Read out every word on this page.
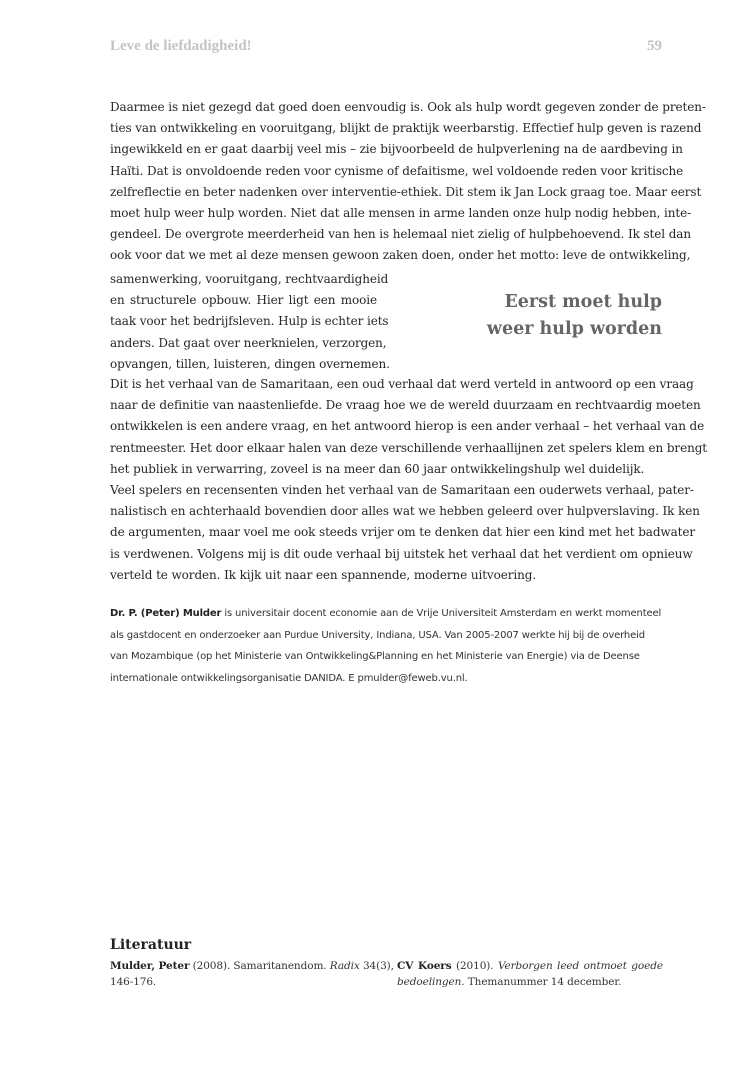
Leve de liefdadigheid!	59
Daarmee is niet gezegd dat goed doen eenvoudig is. Ook als hulp wordt gegeven zonder de preten-
ties van ontwikkeling en vooruitgang, blijkt de praktijk weerbarstig. Effectief hulp geven is razend
ingewikkeld en er gaat daarbij veel mis – zie bijvoorbeeld de hulpverlening na de aardbeving in
Haïti. Dat is onvoldoende reden voor cynisme of defaitisme, wel voldoende reden voor kritische
zelfreflectie en beter nadenken over interventie-ethiek. Dit stem ik Jan Lock graag toe. Maar eerst
moet hulp weer hulp worden. Niet dat alle mensen in arme landen onze hulp nodig hebben, inte-
gendeel. De overgrote meerderheid van hen is helemaal niet zielig of hulpbehoevend. Ik stel dan
ook voor dat we met al deze mensen gewoon zaken doen, onder het motto: leve de ontwikkeling,
samenwerking, vooruitgang, rechtvaardigheid
en structurele opbouw. Hier ligt een mooie
taak voor het bedrijfsleven. Hulp is echter iets
anders. Dat gaat over neerknielen, verzorgen,
opvangen, tillen, luisteren, dingen overnemen.
Eerst moet hulp
weer hulp worden
Dit is het verhaal van de Samaritaan, een oud verhaal dat werd verteld in antwoord op een vraag
naar de definitie van naastenliefde. De vraag hoe we de wereld duurzaam en rechtvaardig moeten
ontwikkelen is een andere vraag, en het antwoord hierop is een ander verhaal – het verhaal van de
rentmeester. Het door elkaar halen van deze verschillende verhaallijnen zet spelers klem en brengt
het publiek in verwarring, zoveel is na meer dan 60 jaar ontwikkelingshulp wel duidelijk.
Veel spelers en recensenten vinden het verhaal van de Samaritaan een ouderwets verhaal, pater-
nalistisch en achterhaald bovendien door alles wat we hebben geleerd over hulpverslaving. Ik ken
de argumenten, maar voel me ook steeds vrijer om te denken dat hier een kind met het badwater
is verdwenen. Volgens mij is dit oude verhaal bij uitstek het verhaal dat het verdient om opnieuw
verteld te worden. Ik kijk uit naar een spannende, moderne uitvoering.
Dr. P. (Peter) Mulder is universitair docent economie aan de Vrije Universiteit Amsterdam en werkt momenteel
als gastdocent en onderzoeker aan Purdue University, Indiana, USA. Van 2005-2007 werkte hij bij de overheid
van Mozambique (op het Ministerie van Ontwikkeling&Planning en het Ministerie van Energie) via de Deense
internationale ontwikkelingsorganisatie DANIDA. E pmulder@feweb.vu.nl.
Literatuur
Mulder, Peter (2008). Samaritanendom. Radix 34(3),
146-176.
CV Koers (2010). Verborgen leed ontmoet goede
bedoelingen. Themanummer 14 december.
